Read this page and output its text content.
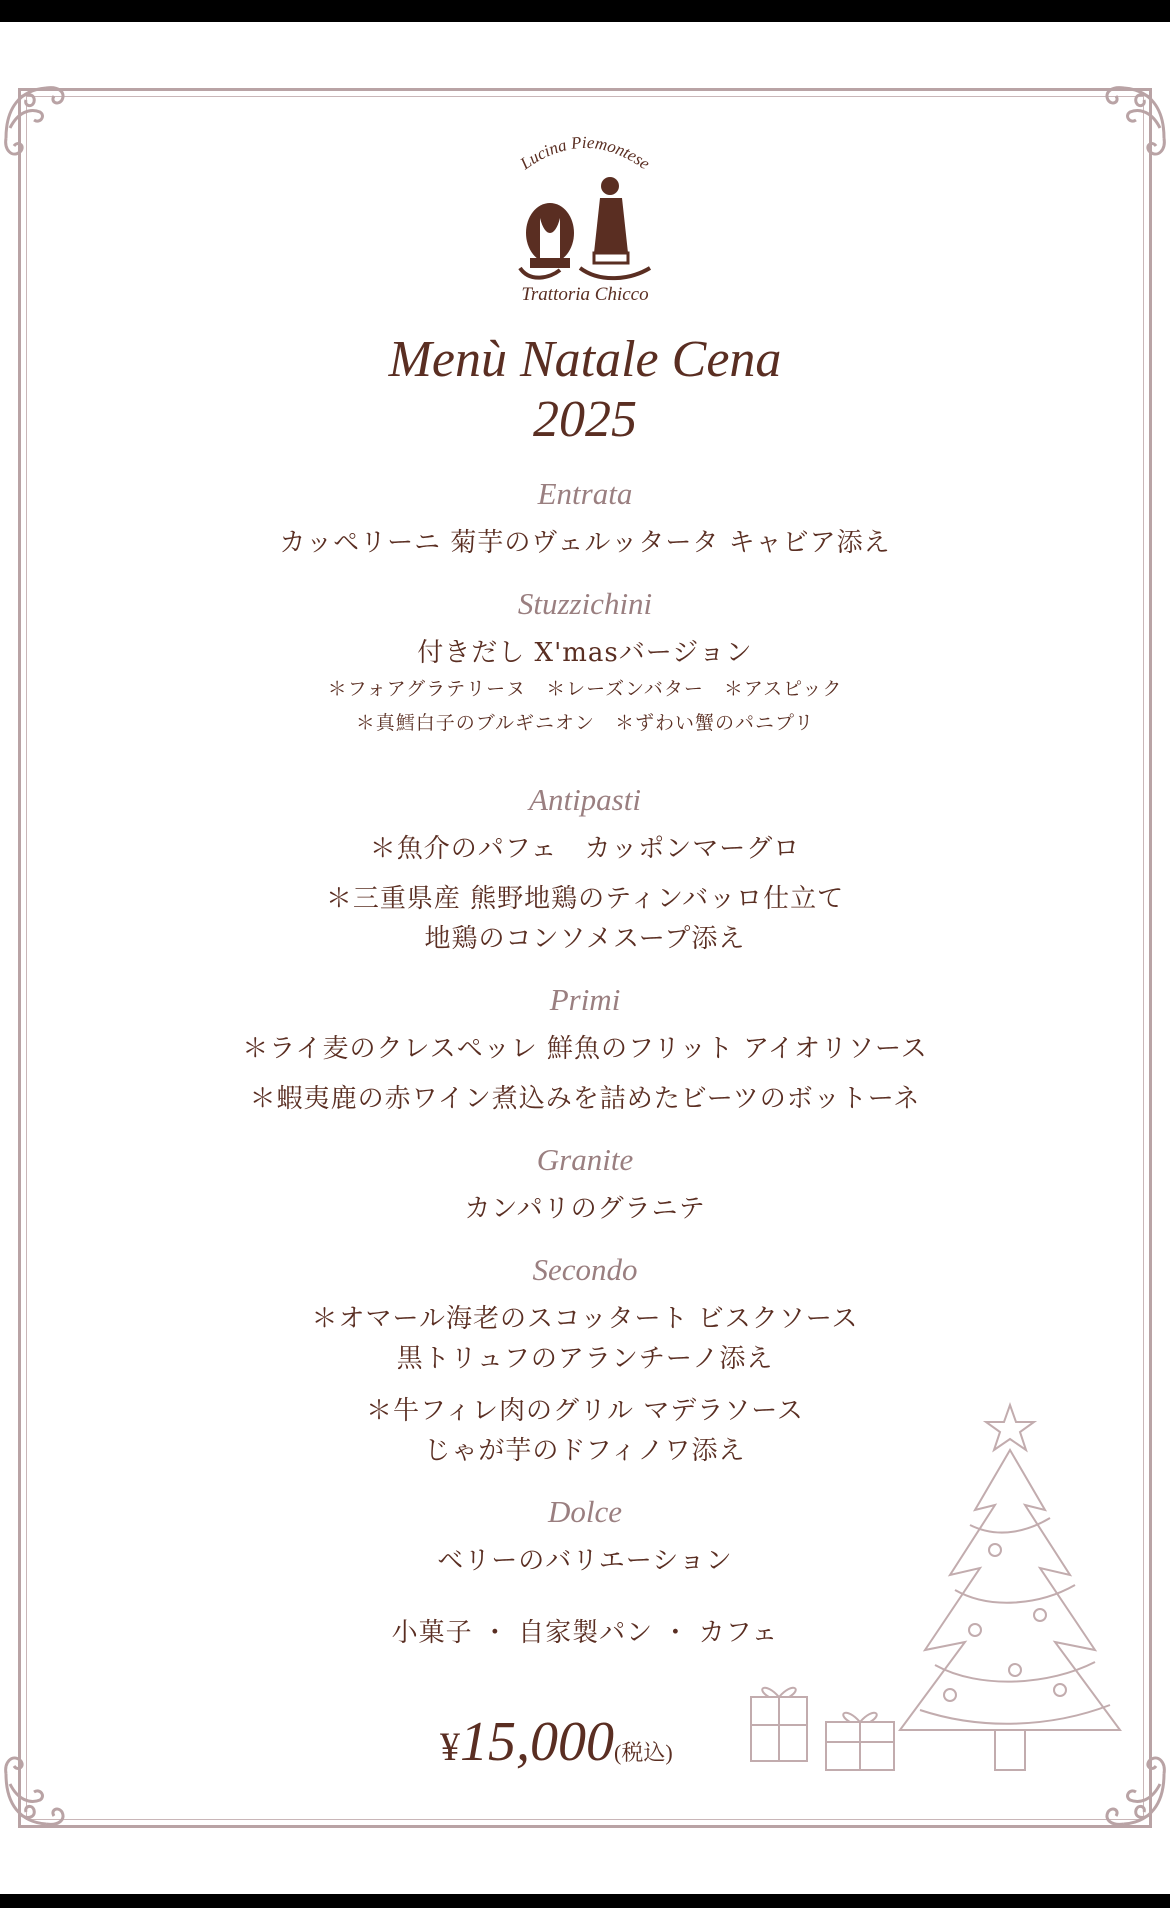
Lucina Piemontese
Trattoria Chicco
Menù Natale Cena
2025
Entrata
カッペリーニ 菊芋のヴェルッタータ キャビア添え
Stuzzichini
付きだし X'masバージョン
＊フォアグラテリーヌ　＊レーズンバター　＊アスピック
＊真鱈白子のブルギニオン　＊ずわい蟹のパニプリ
Antipasti
＊魚介のパフェ　カッポンマーグロ
＊三重県産 熊野地鶏のティンバッロ仕立て
地鶏のコンソメスープ添え
Primi
＊ライ麦のクレスペッレ 鮮魚のフリット アイオリソース
＊蝦夷鹿の赤ワイン煮込みを詰めたビーツのボットーネ
Granite
カンパリのグラニテ
Secondo
＊オマール海老のスコッタート ビスクソース
黒トリュフのアランチーノ添え
＊牛フィレ肉のグリル マデラソース
じゃが芋のドフィノワ添え
Dolce
ベリーのバリエーション
小菓子 ・ 自家製パン ・ カフェ
¥15,000(税込)
